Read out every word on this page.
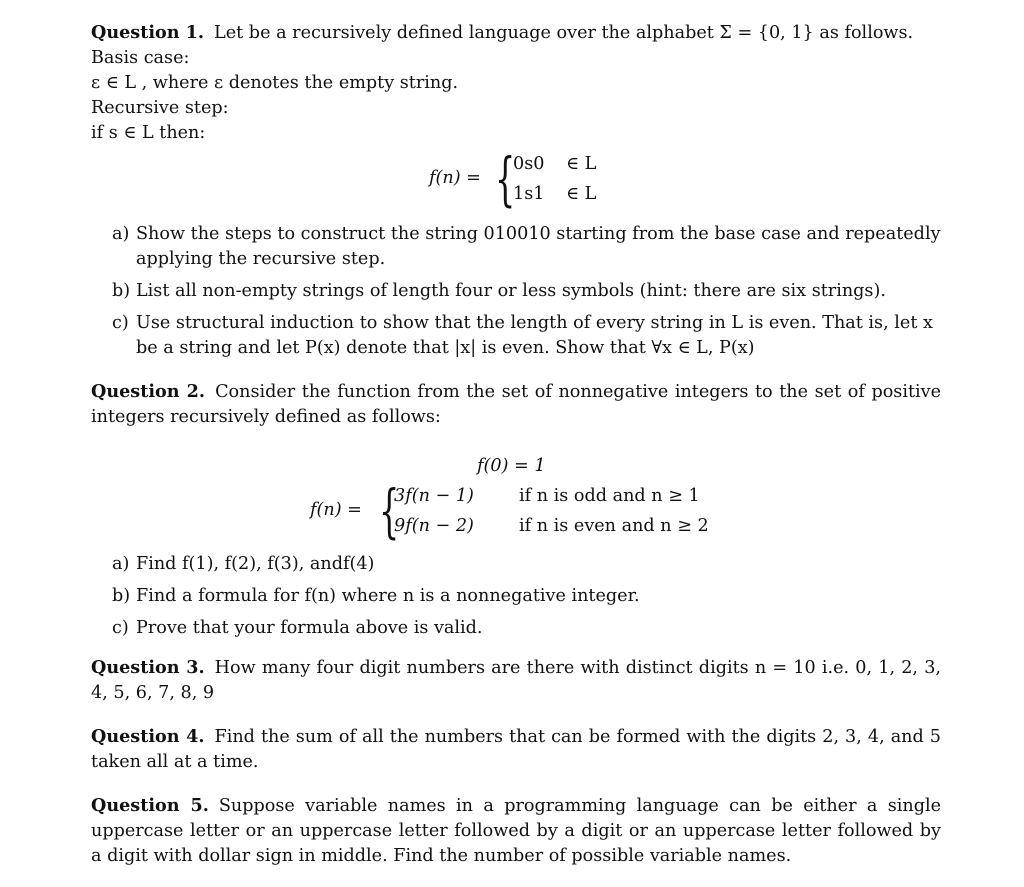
Question 1. Let be a recursively defined language over the alphabet Σ = {0, 1} as follows.
Basis case:
ε ∈ L , where ε denotes the empty string.
Recursive step:
if s ∈ L then:
f(n) = {
0s0 ∈ L
1s1 ∈ L
a) Show the steps to construct the string 010010 starting from the base case and repeatedly applying the recursive step.
b) List all non-empty strings of length four or less symbols (hint: there are six strings).
c) Use structural induction to show that the length of every string in L is even. That is, let x be a string and let P(x) denote that |x| is even. Show that ∀x ∈ L, P(x)
Question 2. Consider the function from the set of nonnegative integers to the set of positive integers recursively defined as follows:
f(0) = 1
f(n) = {
3f(n − 1)	if n is odd and n ≥ 1
9f(n − 2)	if n is even and n ≥ 2
a) Find f(1), f(2), f(3), andf(4)
b) Find a formula for f(n) where n is a nonnegative integer.
c) Prove that your formula above is valid.
Question 3. How many four digit numbers are there with distinct digits n = 10 i.e. 0, 1, 2, 3, 4, 5, 6, 7, 8, 9
Question 4. Find the sum of all the numbers that can be formed with the digits 2, 3, 4, and 5 taken all at a time.
Question 5. Suppose variable names in a programming language can be either a single uppercase letter or an uppercase letter followed by a digit or an uppercase letter followed by a digit with dollar sign in middle. Find the number of possible variable names.
